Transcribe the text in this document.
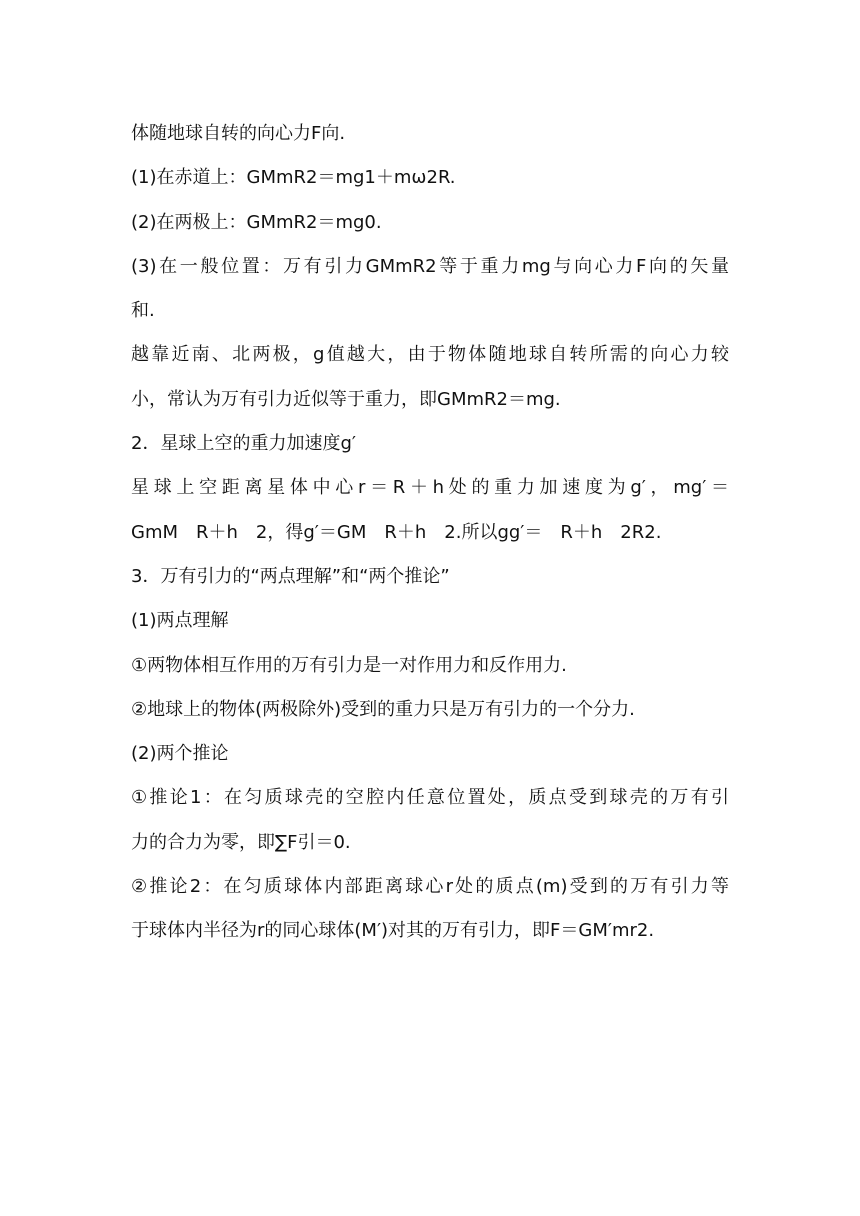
体随地球自转的向心力F向.
(1)在赤道上：GMmR2＝mg1＋mω2R.
(2)在两极上：GMmR2＝mg0.
(3)在一般位置：万有引力GMmR2等于重力mg与向心力F向的矢量
和.
越靠近南、北两极，g值越大，由于物体随地球自转所需的向心力较
小，常认为万有引力近似等于重力，即GMmR2＝mg.
2．星球上空的重力加速度g′
星球上空距离星体中心r＝R＋h处的重力加速度为g′，mg′＝
GmM　R＋h　2，得g′＝GM　R＋h　2.所以gg′＝　R＋h　2R2.
3．万有引力的“两点理解”和“两个推论”
(1)两点理解
①两物体相互作用的万有引力是一对作用力和反作用力.
②地球上的物体(两极除外)受到的重力只是万有引力的一个分力.
(2)两个推论
①推论1：在匀质球壳的空腔内任意位置处，质点受到球壳的万有引
力的合力为零，即∑F引＝0.
②推论2：在匀质球体内部距离球心r处的质点(m)受到的万有引力等
于球体内半径为r的同心球体(M′)对其的万有引力，即F＝GM′mr2.
